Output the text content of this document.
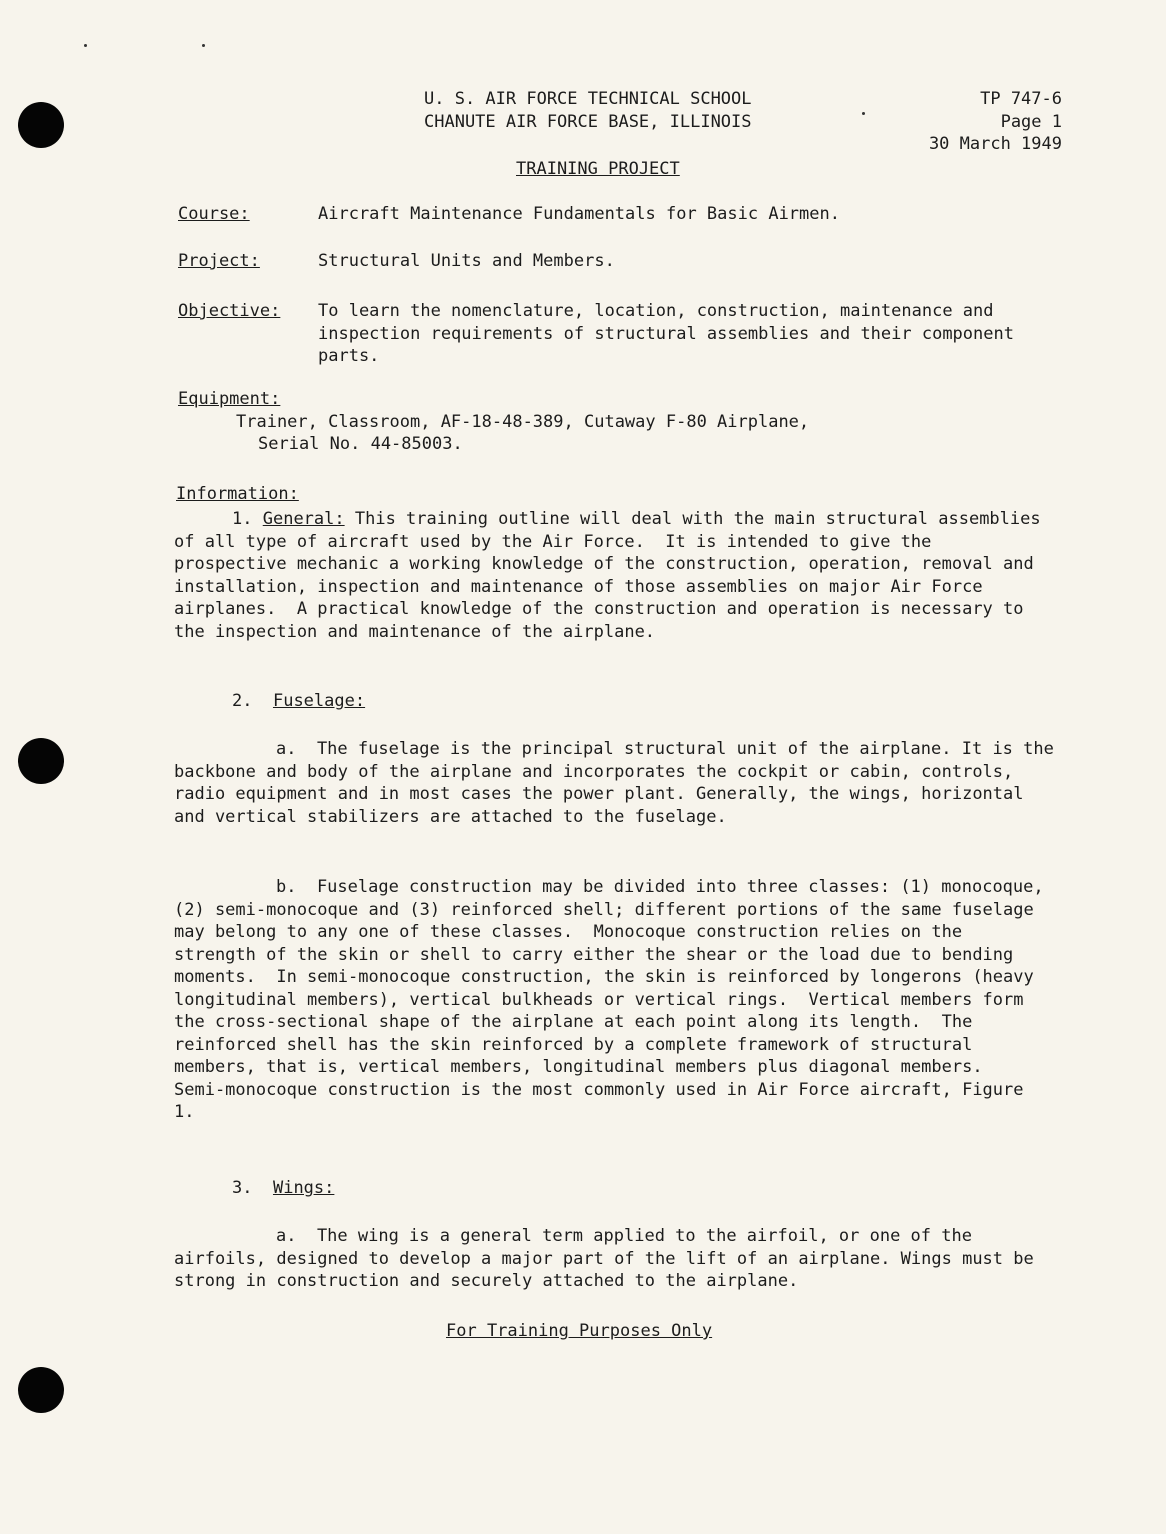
U. S. AIR FORCE TECHNICAL SCHOOL
CHANUTE AIR FORCE BASE, ILLINOIS
TP 747-6
Page 1
30 March 1949
TRAINING PROJECT
Course:	Aircraft Maintenance Fundamentals for Basic Airmen.
Project:	Structural Units and Members.
Objective: To learn the nomenclature, location, construction, maintenance and inspection requirements of structural assemblies and their component parts.
Equipment:
Trainer, Classroom, AF-18-48-389, Cutaway F-80 Airplane,
Serial No. 44-85003.
Information:
1. General: This training outline will deal with the main structural assemblies of all type of aircraft used by the Air Force.  It is intended to give the prospective mechanic a working knowledge of the construction, operation, removal and installation, inspection and maintenance of those assemblies on major Air Force airplanes.  A practical knowledge of the construction and operation is necessary to the inspection and maintenance of the airplane.
2. Fuselage:
a.  The fuselage is the principal structural unit of the airplane. It is the backbone and body of the airplane and incorporates the cockpit or cabin, controls, radio equipment and in most cases the power plant. Generally, the wings, horizontal and vertical stabilizers are attached to the fuselage.
b.  Fuselage construction may be divided into three classes: (1) monocoque, (2) semi-monocoque and (3) reinforced shell; different portions of the same fuselage may belong to any one of these classes.  Monocoque construction relies on the strength of the skin or shell to carry either the shear or the load due to bending moments.  In semi-monocoque construction, the skin is reinforced by longerons (heavy longitudinal members), vertical bulkheads or vertical rings.  Vertical members form the cross-sectional shape of the airplane at each point along its length.  The reinforced shell has the skin reinforced by a complete framework of structural members, that is, vertical members, longitudinal members plus diagonal members.  Semi-monocoque construction is the most commonly used in Air Force aircraft, Figure 1.
3. Wings:
a.  The wing is a general term applied to the airfoil, or one of the airfoils, designed to develop a major part of the lift of an airplane. Wings must be strong in construction and securely attached to the airplane.
For Training Purposes Only
